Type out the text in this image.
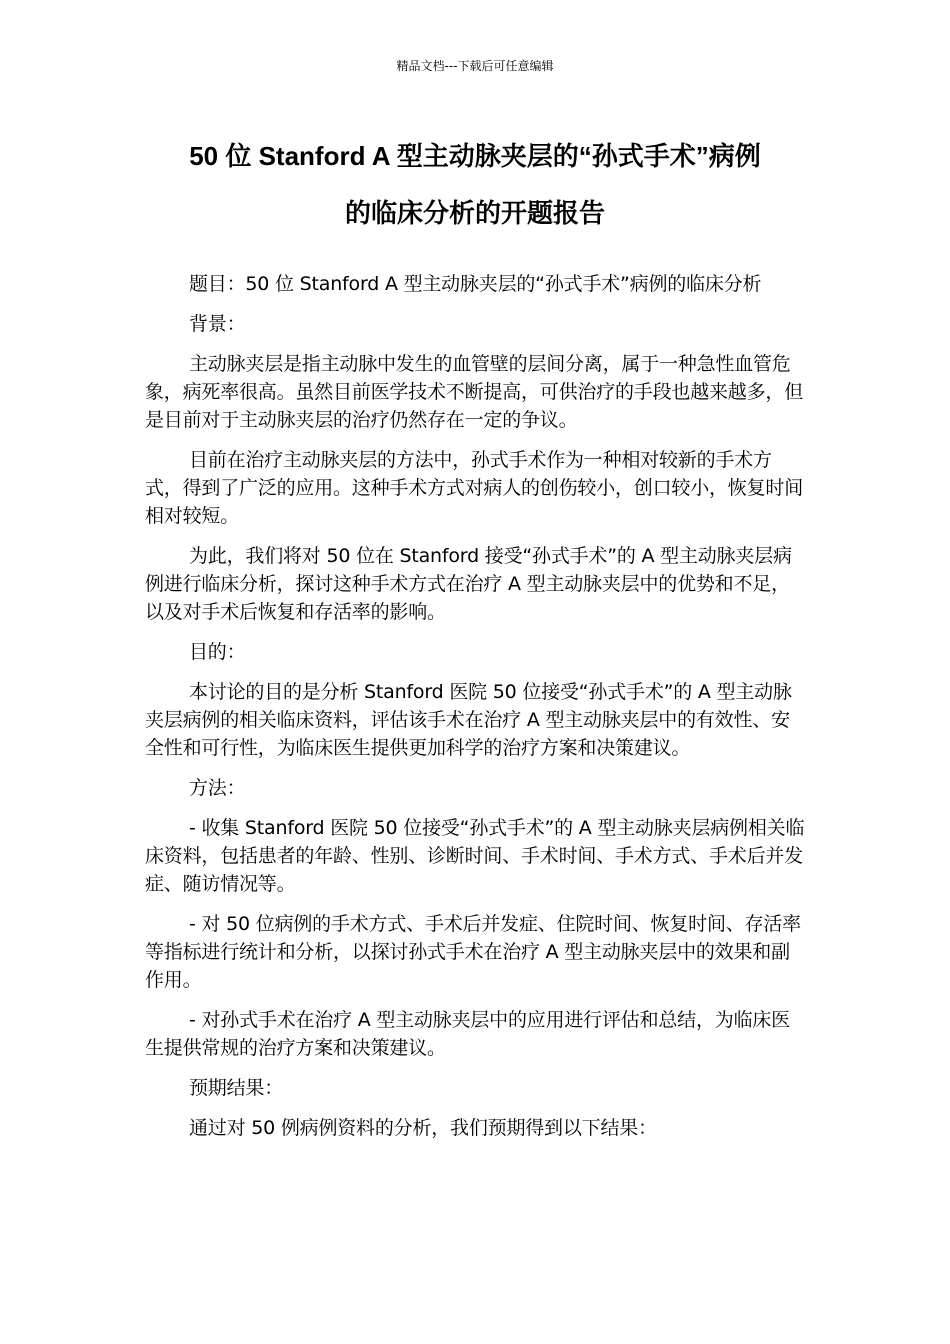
精品文档---下载后可任意编辑
50 位 Stanford A 型主动脉夹层的“孙式手术”病例
的临床分析的开题报告

题目：50 位 Stanford A 型主动脉夹层的“孙式手术”病例的临床分析

背景：

主动脉夹层是指主动脉中发生的血管壁的层间分离，属于一种急性血管危象，病死率很高。虽然目前医学技术不断提高，可供治疗的手段也越来越多，但是目前对于主动脉夹层的治疗仍然存在一定的争议。

目前在治疗主动脉夹层的方法中，孙式手术作为一种相对较新的手术方式，得到了广泛的应用。这种手术方式对病人的创伤较小，创口较小，恢复时间相对较短。

为此，我们将对 50 位在 Stanford 接受“孙式手术”的 A 型主动脉夹层病例进行临床分析，探讨这种手术方式在治疗 A 型主动脉夹层中的优势和不足，以及对手术后恢复和存活率的影响。

目的：

本讨论的目的是分析 Stanford 医院 50 位接受“孙式手术”的 A 型主动脉夹层病例的相关临床资料，评估该手术在治疗 A 型主动脉夹层中的有效性、安全性和可行性，为临床医生提供更加科学的治疗方案和决策建议。

方法：

- 收集 Stanford 医院 50 位接受“孙式手术”的 A 型主动脉夹层病例相关临床资料，包括患者的年龄、性别、诊断时间、手术时间、手术方式、手术后并发症、随访情况等。

- 对 50 位病例的手术方式、手术后并发症、住院时间、恢复时间、存活率等指标进行统计和分析，以探讨孙式手术在治疗 A 型主动脉夹层中的效果和副作用。

- 对孙式手术在治疗 A 型主动脉夹层中的应用进行评估和总结，为临床医生提供常规的治疗方案和决策建议。

预期结果：

通过对 50 例病例资料的分析，我们预期得到以下结果：
